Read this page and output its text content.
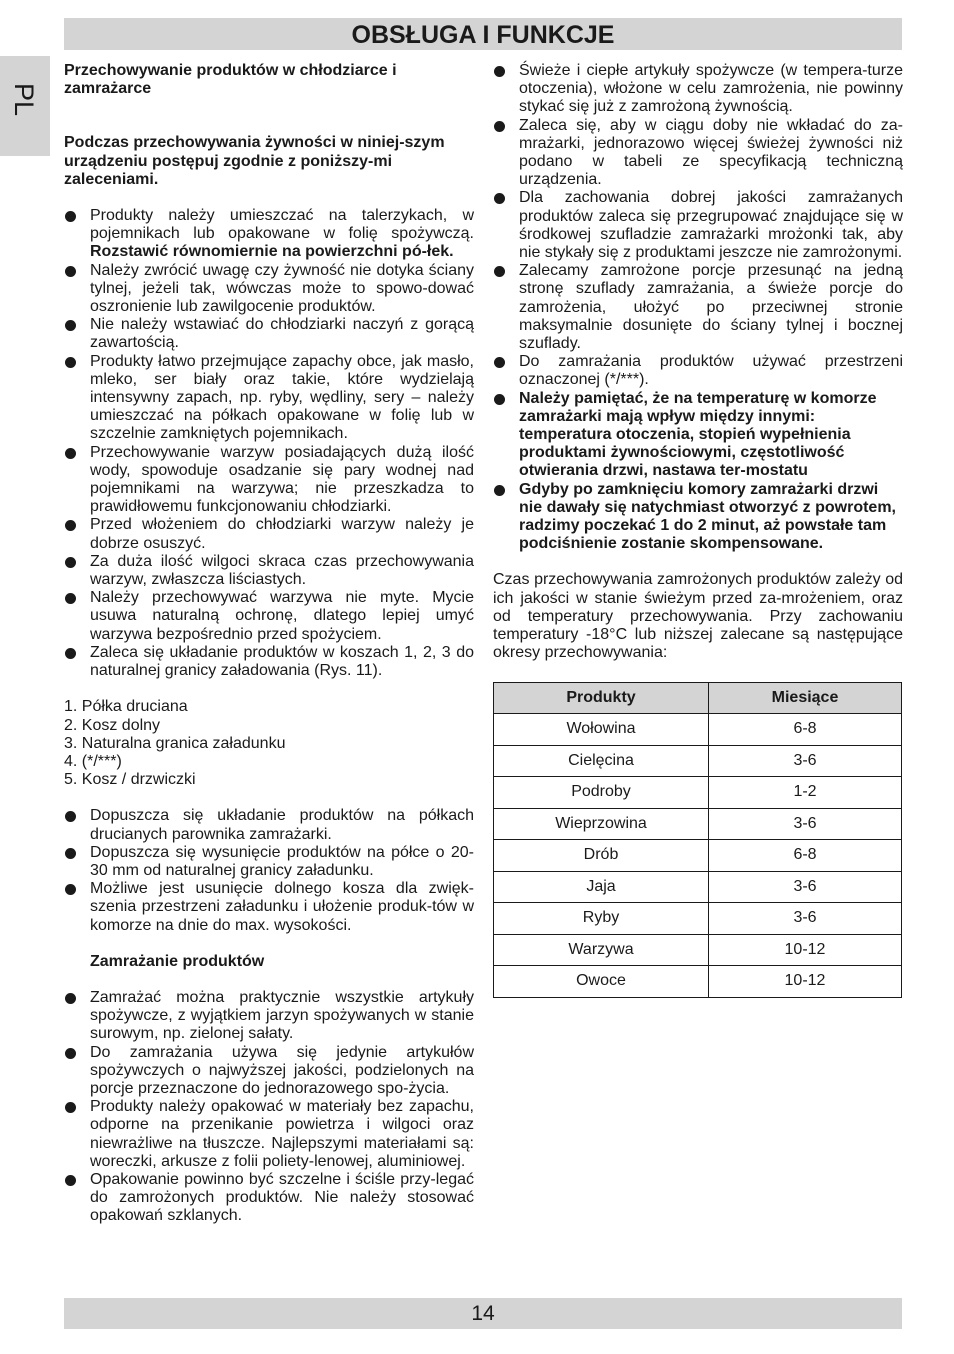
OBSŁUGA I FUNKCJE
PL

Przechowywanie produktów w chłodziarce i zamrażarce

Podczas przechowywania żywności w niniej-szym urządzeniu postępuj zgodnie z poniższy-mi zaleceniami.

Produkty należy umieszczać na talerzykach, w pojemnikach lub opakowane w folię spożywczą. Rozstawić równomiernie na powierzchni pó-łek.
Należy zwrócić uwagę czy żywność nie dotyka ściany tylnej, jeżeli tak, wówczas może to spowo-dować oszronienie lub zawilgocenie produktów.
Nie należy wstawiać do chłodziarki naczyń z gorącą zawartością.
Produkty łatwo przejmujące zapachy obce, jak masło, mleko, ser biały oraz takie, które wydzielają intensywny zapach, np. ryby, wędliny, sery – należy umieszczać na półkach opakowane w folię lub w szczelnie zamkniętych pojemnikach.
Przechowywanie warzyw posiadających dużą ilość wody, spowoduje osadzanie się pary wodnej nad pojemnikami na warzywa; nie przeszkadza to prawidłowemu funkcjonowaniu chłodziarki.
Przed włożeniem do chłodziarki warzyw należy je dobrze osuszyć.
Za duża ilość wilgoci skraca czas przechowywania warzyw, zwłaszcza liściastych.
Należy przechowywać warzywa nie myte. Mycie usuwa naturalną ochronę, dlatego lepiej umyć warzywa bezpośrednio przed spożyciem.
Zaleca się układanie produktów w koszach 1, 2, 3 do naturalnej granicy załadowania (Rys. 11).

1. Półka druciana

2. Kosz dolny

3. Naturalna granica załadunku

4. (*/***)

5. Kosz / drzwiczki

Dopuszcza się układanie produktów na półkach drucianych parownika zamrażarki.
Dopuszcza się wysunięcie produktów na półce o 20-30 mm od naturalnej granicy załadunku.
Możliwe jest usunięcie dolnego kosza dla zwięk-szenia przestrzeni załadunku i ułożenie produk-tów w komorze na dnie do max. wysokości.

Zamrażanie produktów

Zamrażać można praktycznie wszystkie artykuły spożywcze, z wyjątkiem jarzyn spożywanych w stanie surowym, np. zielonej sałaty.
Do zamrażania używa się jedynie artykułów spożywczych o najwyższej jakości, podzielonych na porcje przeznaczone do jednorazowego spo-życia.
Produkty należy opakować w materiały bez zapachu, odporne na przenikanie powietrza i wilgoci oraz niewrażliwe na tłuszcze. Najlepszymi materiałami są: woreczki, arkusze z folii poliety-lenowej, aluminiowej.
Opakowanie powinno być szczelne i ściśle przy-legać do zamrożonych produktów. Nie należy stosować opakowań szklanych.
Świeże i ciepłe artykuły spożywcze (w tempera-turze otoczenia), włożone w celu zamrożenia, nie powinny stykać się już z zamrożoną żywnością.
Zaleca się, aby w ciągu doby nie wkładać do za-mrażarki, jednorazowo więcej świeżej żywności niż podano w tabeli ze specyfikacją techniczną urządzenia.
Dla zachowania dobrej jakości zamrażanych produktów zaleca się przegrupować znajdujące się w środkowej szufladzie zamrażarki mrożonki tak, aby nie stykały się z produktami jeszcze nie zamrożonymi.
Zalecamy zamrożone porcje przesunąć na jedną stronę szuflady zamrażania, a świeże porcje do zamrożenia, ułożyć po przeciwnej stronie maksymalnie dosunięte do ściany tylnej i bocznej szuflady.
Do zamrażania produktów używać przestrzeni oznaczonej (*/***).
Należy pamiętać, że na temperaturę w komorze zamrażarki mają wpływ między innymi: temperatura otoczenia, stopień wypełnienia produktami żywnościowymi, częstotliwość otwierania drzwi, nastawa ter-mostatu
Gdyby po zamknięciu komory zamrażarki drzwi nie dawały się natychmiast otworzyć z powrotem, radzimy poczekać 1 do 2 minut, aż powstałe tam podciśnienie zostanie skompensowane.

Czas przechowywania zamrożonych produktów zależy od ich jakości w stanie świeżym przed za-mrożeniem, oraz od temperatury przechowywania. Przy zachowaniu temperatury -18°C lub niższej zalecane są następujące okresy przechowywania:

Produkty	Miesiące
Wołowina	6-8
Cielęcina	3-6
Podroby	1-2
Wieprzowina	3-6
Drób	6-8
Jaja	3-6
Ryby	3-6
Warzywa	10-12
Owoce	10-12
14
